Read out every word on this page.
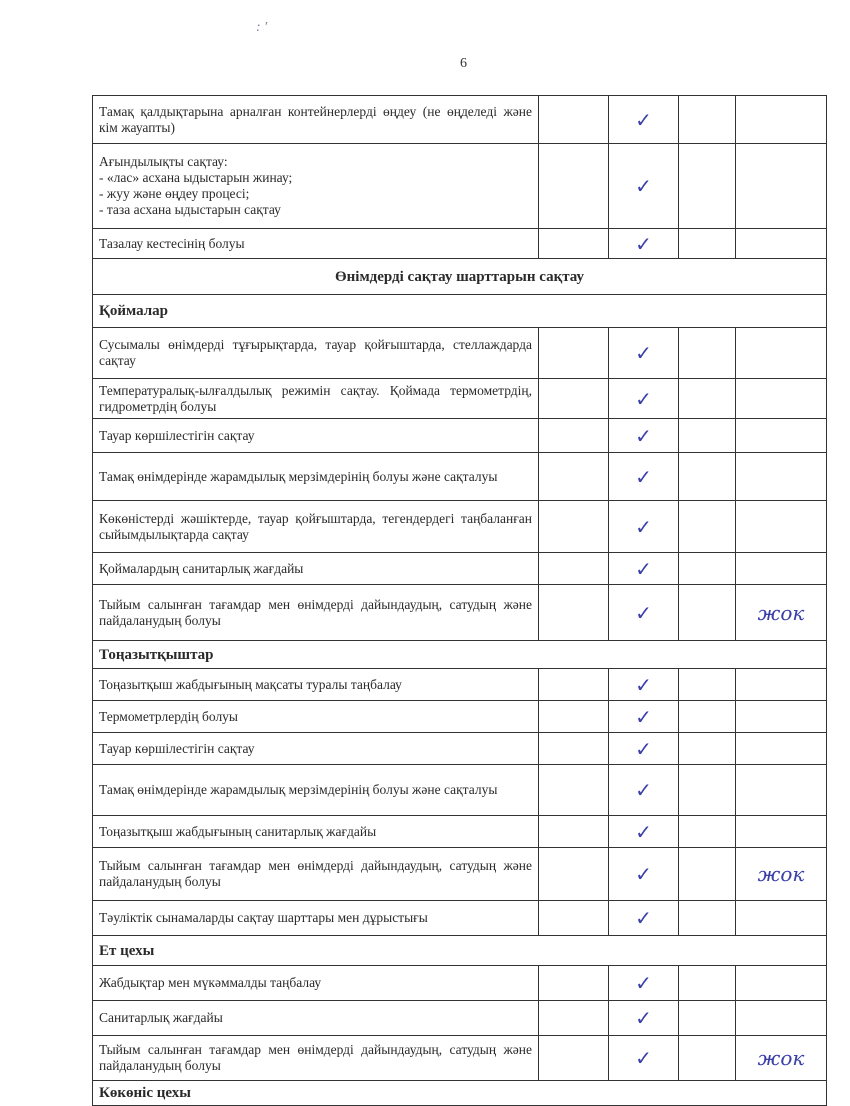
: ′
6
Тамақ қалдықтарына арналған контейнерлерді өңдеу (не өңделеді және кім жауапты)		✓		
Ағындылықты сақтау:
- «лас» асхана ыдыстарын жинау;
- жуу және өңдеу процесі;
- таза асхана ыдыстарын сақтау		✓		
Тазалау кестесінің болуы		✓		
Өнімдерді сақтау шарттарын сақтау				
Қоймалар				
Сусымалы өнімдерді тұғырықтарда, тауар қойғыштарда, стеллаждарда сақтау		✓		
Температуралық-ылғалдылық режимін сақтау. Қоймада термометрдің, гидрометрдің болуы		✓		
Тауар көршілестігін сақтау		✓		
Тамақ өнімдерінде жарамдылық мерзімдерінің болуы және сақталуы		✓		
Көкөністерді жәшіктерде, тауар қойғыштарда, тегендердегі таңбаланған сыйымдылықтарда сақтау		✓		
Қоймалардың санитарлық жағдайы		✓		
Тыйым салынған тағамдар мен өнімдерді дайындаудың, сатудың және пайдаланудың болуы		✓		жок
Тоңазытқыштар				
Тоңазытқыш жабдығының мақсаты туралы таңбалау		✓		
Термометрлердің болуы		✓		
Тауар көршілестігін сақтау		✓		
Тамақ өнімдерінде жарамдылық мерзімдерінің болуы және сақталуы		✓		
Тоңазытқыш жабдығының санитарлық жағдайы		✓		
Тыйым салынған тағамдар мен өнімдерді дайындаудың, сатудың және пайдаланудың болуы		✓		жок
Тәуліктік сынамаларды сақтау шарттары мен дұрыстығы		✓		
Ет цехы				
Жабдықтар мен мүкәммалды таңбалау		✓		
Санитарлық жағдайы		✓		
Тыйым салынған тағамдар мен өнімдерді дайындаудың, сатудың және пайдаланудың болуы		✓		жок
Көкөніс цехы				
